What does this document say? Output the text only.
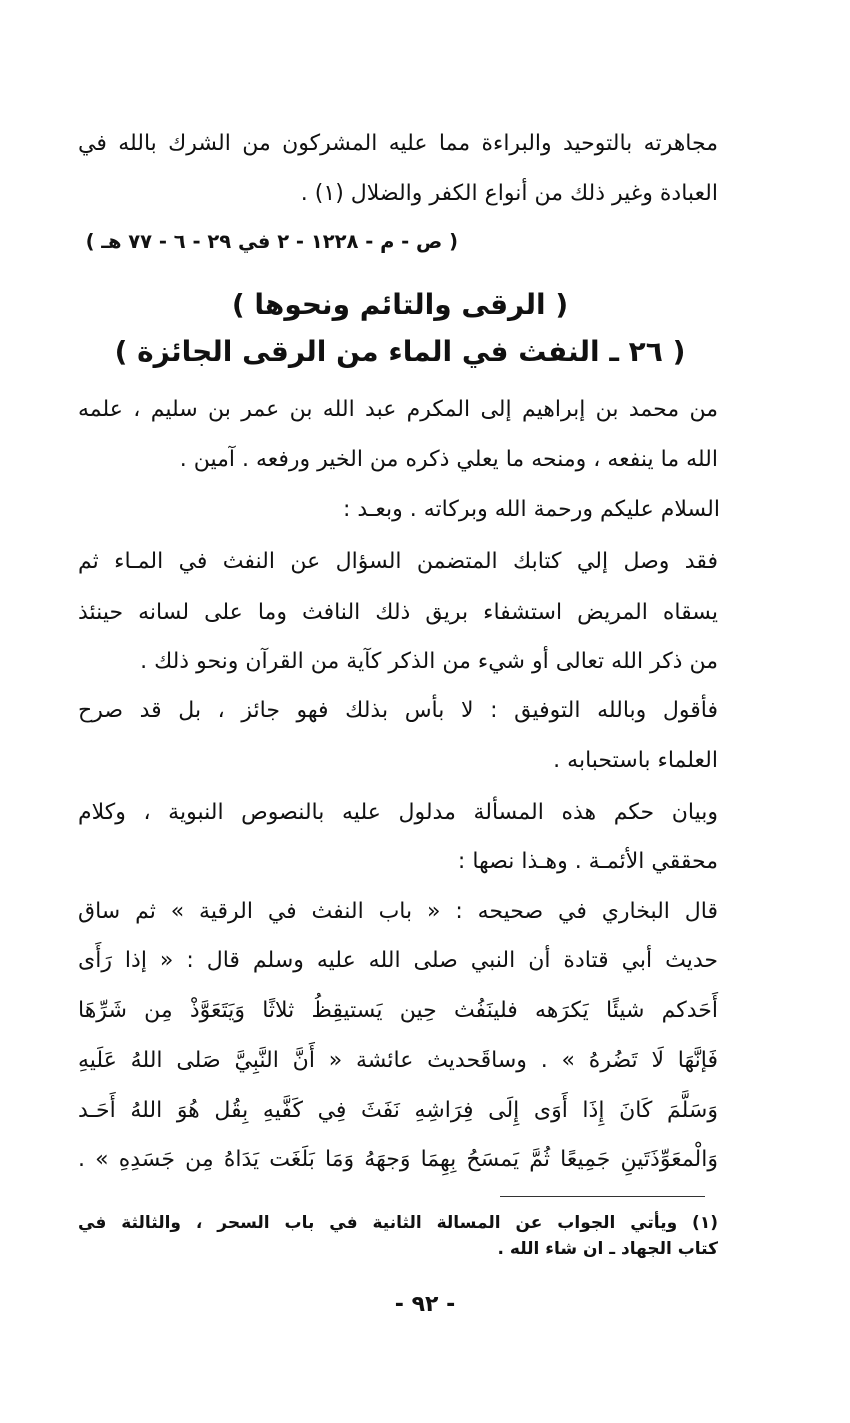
مجاهرته بالتوحيد والبراءة مما عليه المشركون من الشرك بالله في
العبادة وغير ذلك من أنواع الكفر والضلال (١) .
( ص - م - ١٢٢٨ - ٢ في ٢٩ - ٦ - ٧٧ هـ )
( الرقى والتائم ونحوها )
( ٢٦ ـ النفث في الماء من الرقى الجائزة )
من محمد بن إبراهيم إلى المكرم عبد الله بن عمر بن سليم ، علمه
الله ما ينفعه ، ومنحه ما يعلي ذكره من الخير ورفعه . آمين .
السلام عليكم ورحمة الله وبركاته . وبعـد :
فقد وصل إلي كتابك المتضمن السؤال عن النفث في المـاء ثم
يسقاه المريض استشفاء بريق ذلك النافث وما على لسانه حينئذ
من ذكر الله تعالى أو شيء من الذكر كآية من القرآن ونحو ذلك .
فأقول وبالله التوفيق : لا بأس بذلك فهو جائز ، بل قد صرح
العلماء باستحبابه .
وبيان حكم هذه المسألة مدلول عليه بالنصوص النبوية ، وكلام
محققي الأئمـة . وهـذا نصها :
قال البخاري في صحيحه : « باب النفث في الرقية » ثم ساق
حديث أبي قتادة أن النبي صلى الله عليه وسلم قال : « إذا رَأَى
أَحَدكم شيئًا يَكرَهه فلينَفُث حِين يَستيقِظُ ثلاثًا وَيَتَعَوَّذْ مِن شَرِّهَا
فَإنَّهَا لَا تَضُرهُ » . وساقَحديث عائشة « أَنَّ النَّبِيَّ صَلى اللهُ عَلَيهِ
وَسَلَّمَ كَانَ إِذَا أَوَى إِلَى فِرَاشِهِ نَفَثَ فِي كَفَّيهِ بِقُل هُوَ اللهُ أَحَـد
وَالْمعَوِّذَتَينِ جَمِيعًا ثُمَّ يَمسَحُ بِهِمَا وَجهَهُ وَمَا بَلَغَت يَدَاهُ مِن جَسَدِهِ » .
(١) ويأتي الجواب عن المسالة الثانية في باب السحر ، والثالثة في
كتاب الجهاد ـ ان شاء الله .
- ٩٢ -
